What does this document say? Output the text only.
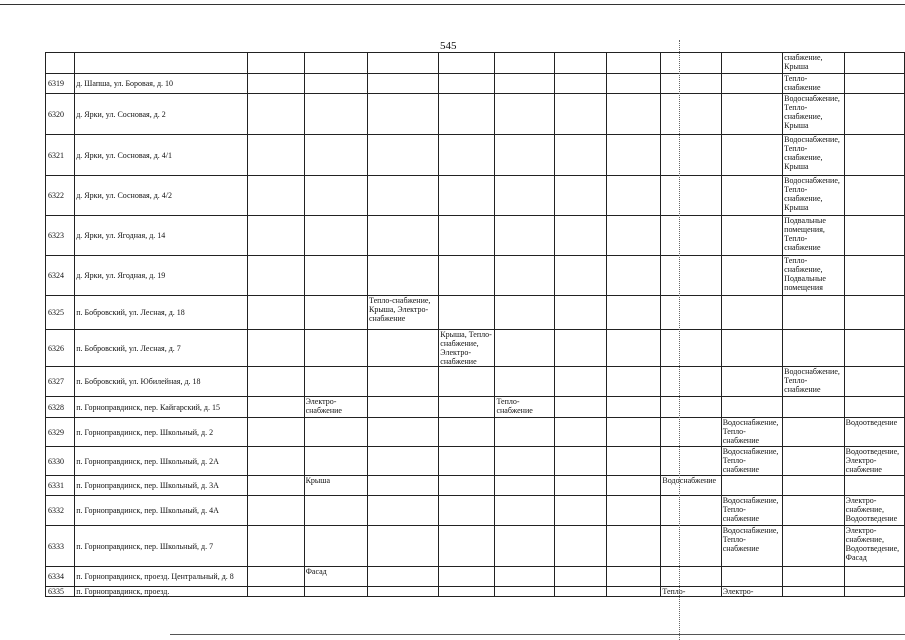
545
											снабжение, Крыша	
6319	д. Шапша, ул. Боровая, д. 10										Тепло-снабжение	
6320	д. Ярки, ул. Сосновая, д. 2										Водоснабжение, Тепло-снабжение, Крыша	
6321	д. Ярки, ул. Сосновая, д. 4/1										Водоснабжение, Тепло-снабжение, Крыша	
6322	д. Ярки, ул. Сосновая, д. 4/2										Водоснабжение, Тепло-снабжение, Крыша	
6323	д. Ярки, ул. Ягодная, д. 14										Подвальные помещения, Тепло-снабжение	
6324	д. Ярки, ул. Ягодная, д. 19										Тепло-снабжение, Подвальные помещения	
6325	п. Бобровский, ул. Лесная, д. 18			Тепло-снабжение, Крыша, Электро-снабжение								
6326	п. Бобровский, ул. Лесная, д. 7				Крыша, Тепло-снабжение, Электро-снабжение							
6327	п. Бобровский, ул. Юбилейная, д. 18										Водоснабжение, Тепло-снабжение	
6328	п. Горноправдинск, пер. Кайгарский, д. 15		Электро-снабжение			Тепло-снабжение						
6329	п. Горноправдинск, пер. Школьный, д. 2									Водоснабжение, Тепло-снабжение		Водоотведение
6330	п. Горноправдинск, пер. Школьный, д. 2А									Водоснабжение, Тепло-снабжение		Водоотведение, Электро-снабжение
6331	п. Горноправдинск, пер. Школьный, д. 3А		Крыша						Водоснабжение			
6332	п. Горноправдинск, пер. Школьный, д. 4А									Водоснабжение, Тепло-снабжение		Электро-снабжение, Водоотведение
6333	п. Горноправдинск, пер. Школьный, д. 7									Водоснабжение, Тепло-снабжение		Электро-снабжение, Водоотведение, Фасад
6334	п. Горноправдинск, проезд. Центральный, д. 8		Фасад									
6335	п. Горноправдинск, проезд.								Тепло-	Электро-		
